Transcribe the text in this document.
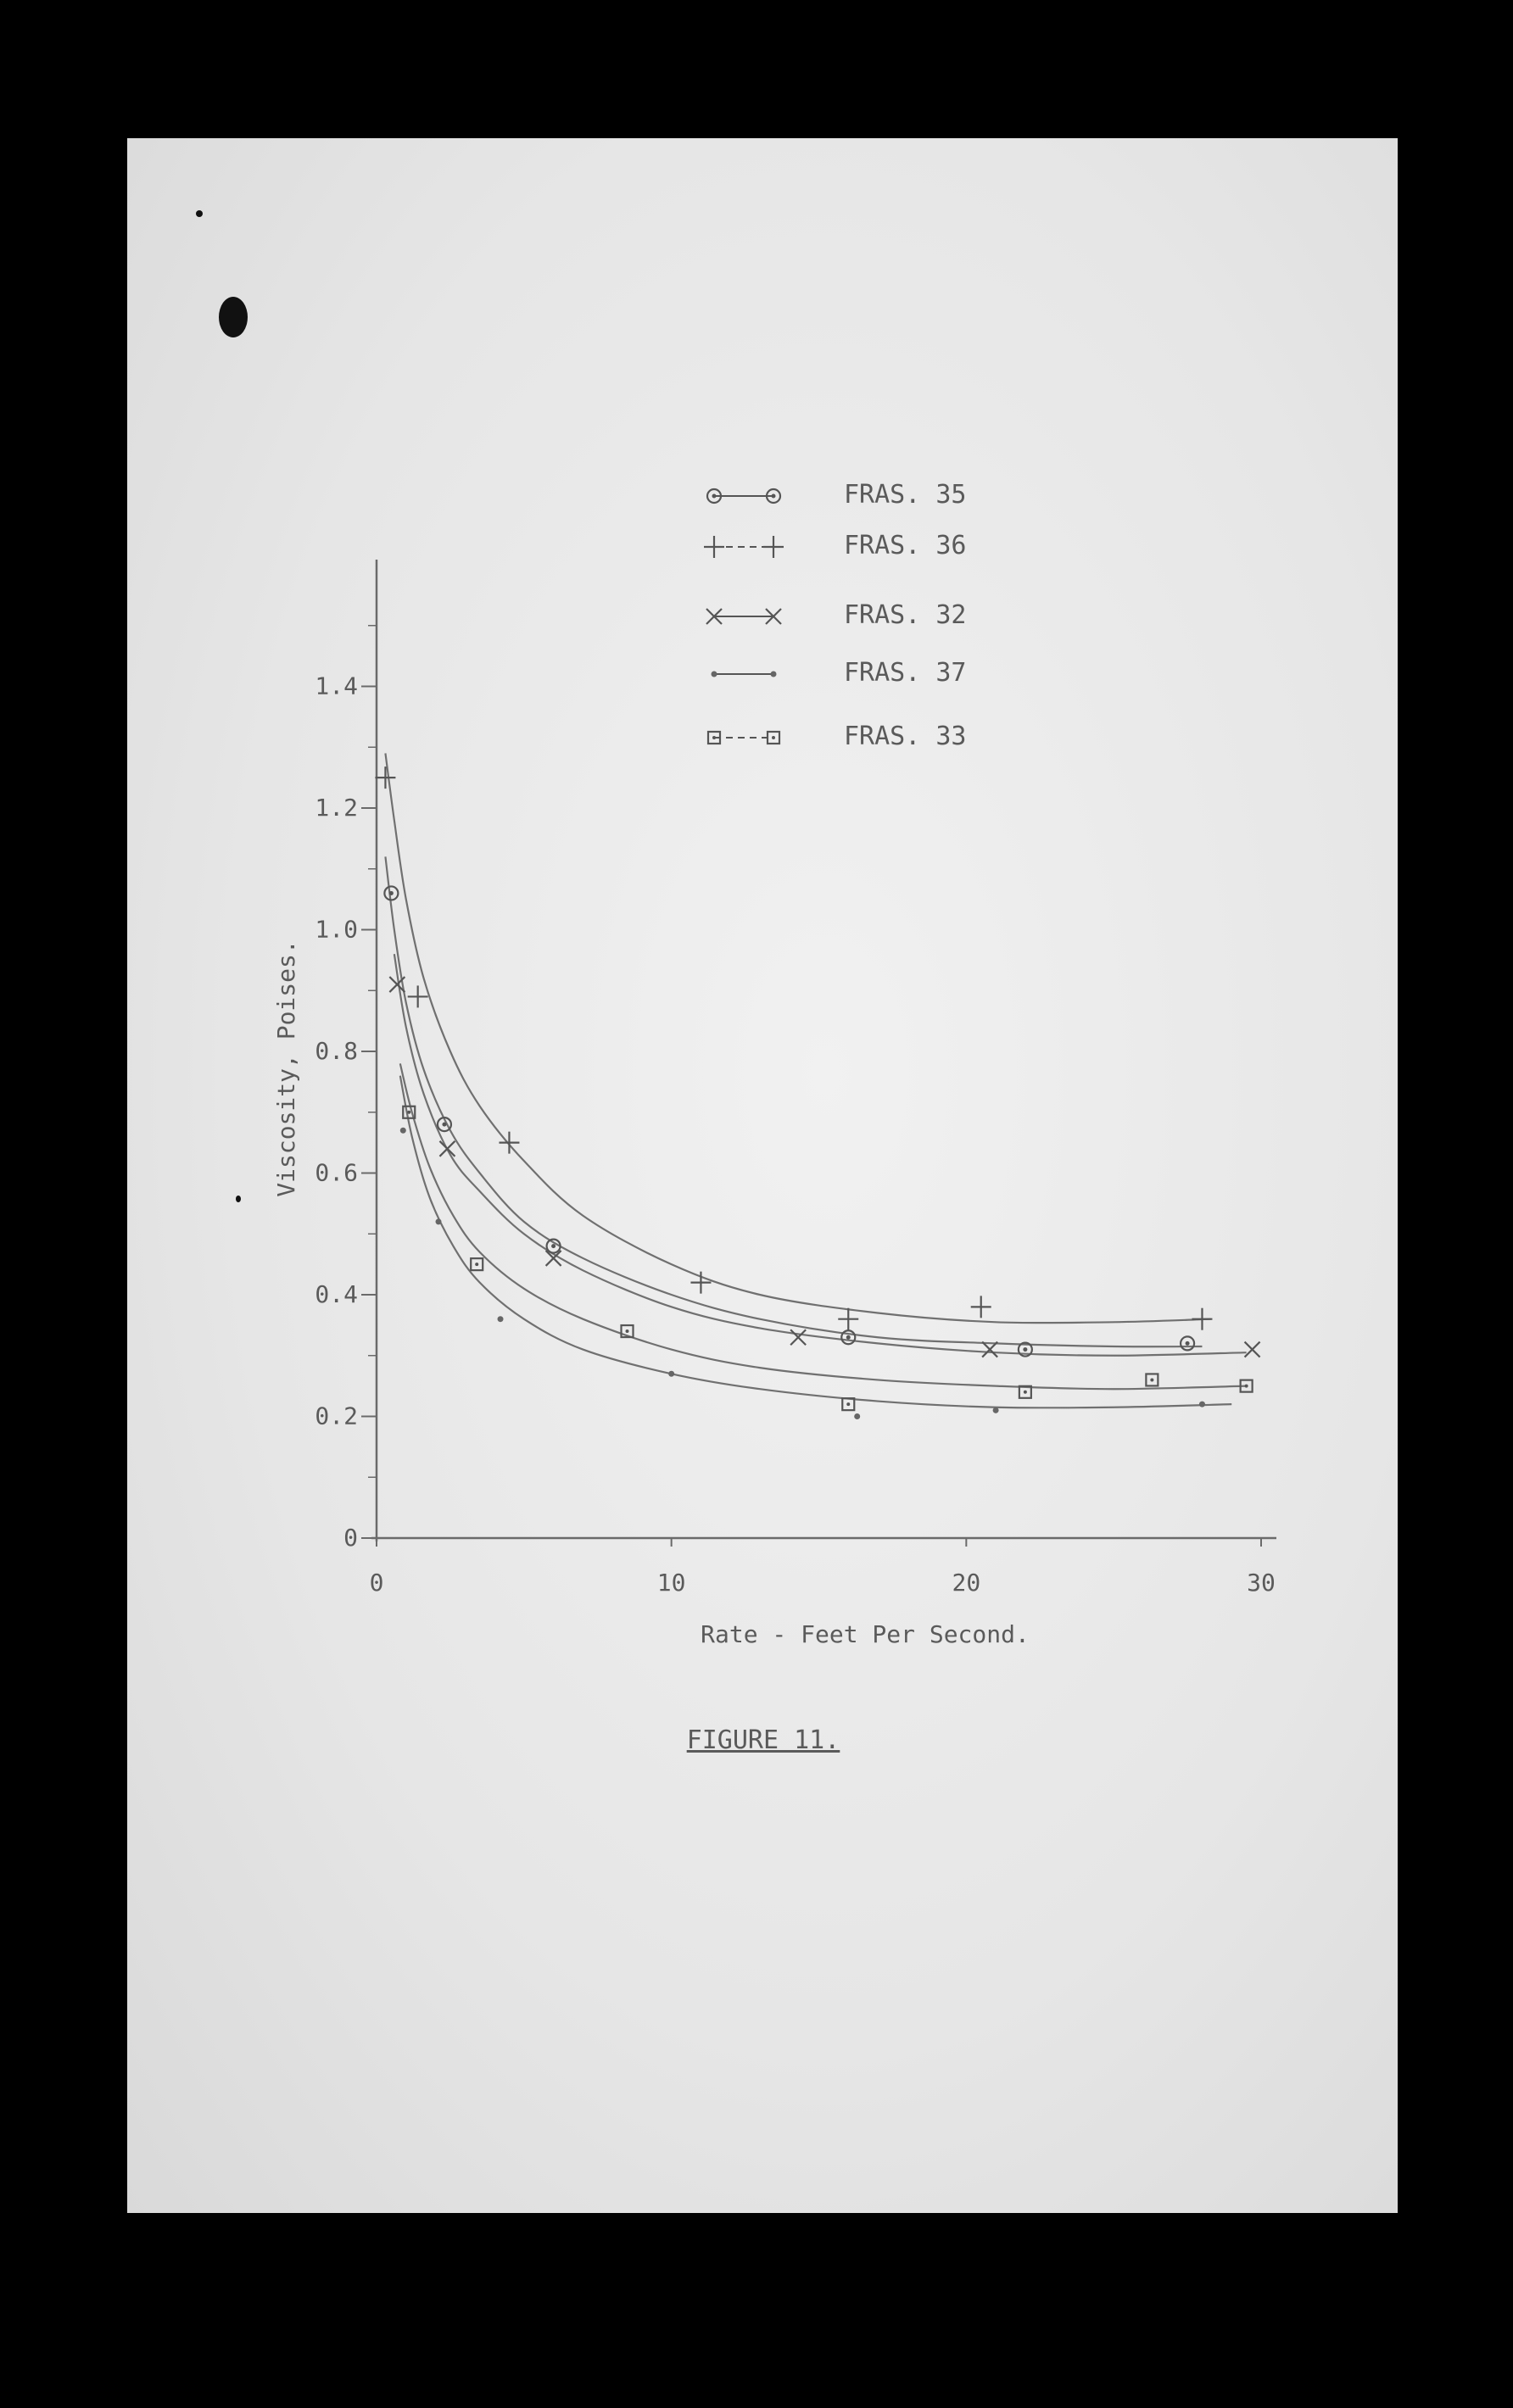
0
0.2
0.4
0.6
0.8
1.0
1.2
1.4
0	10	20	30
FRAS. 35
FRAS. 36
FRAS. 32
FRAS. 37
FRAS. 33
Rate - Feet Per Second.
Viscosity, Poises.
FIGURE 11.
